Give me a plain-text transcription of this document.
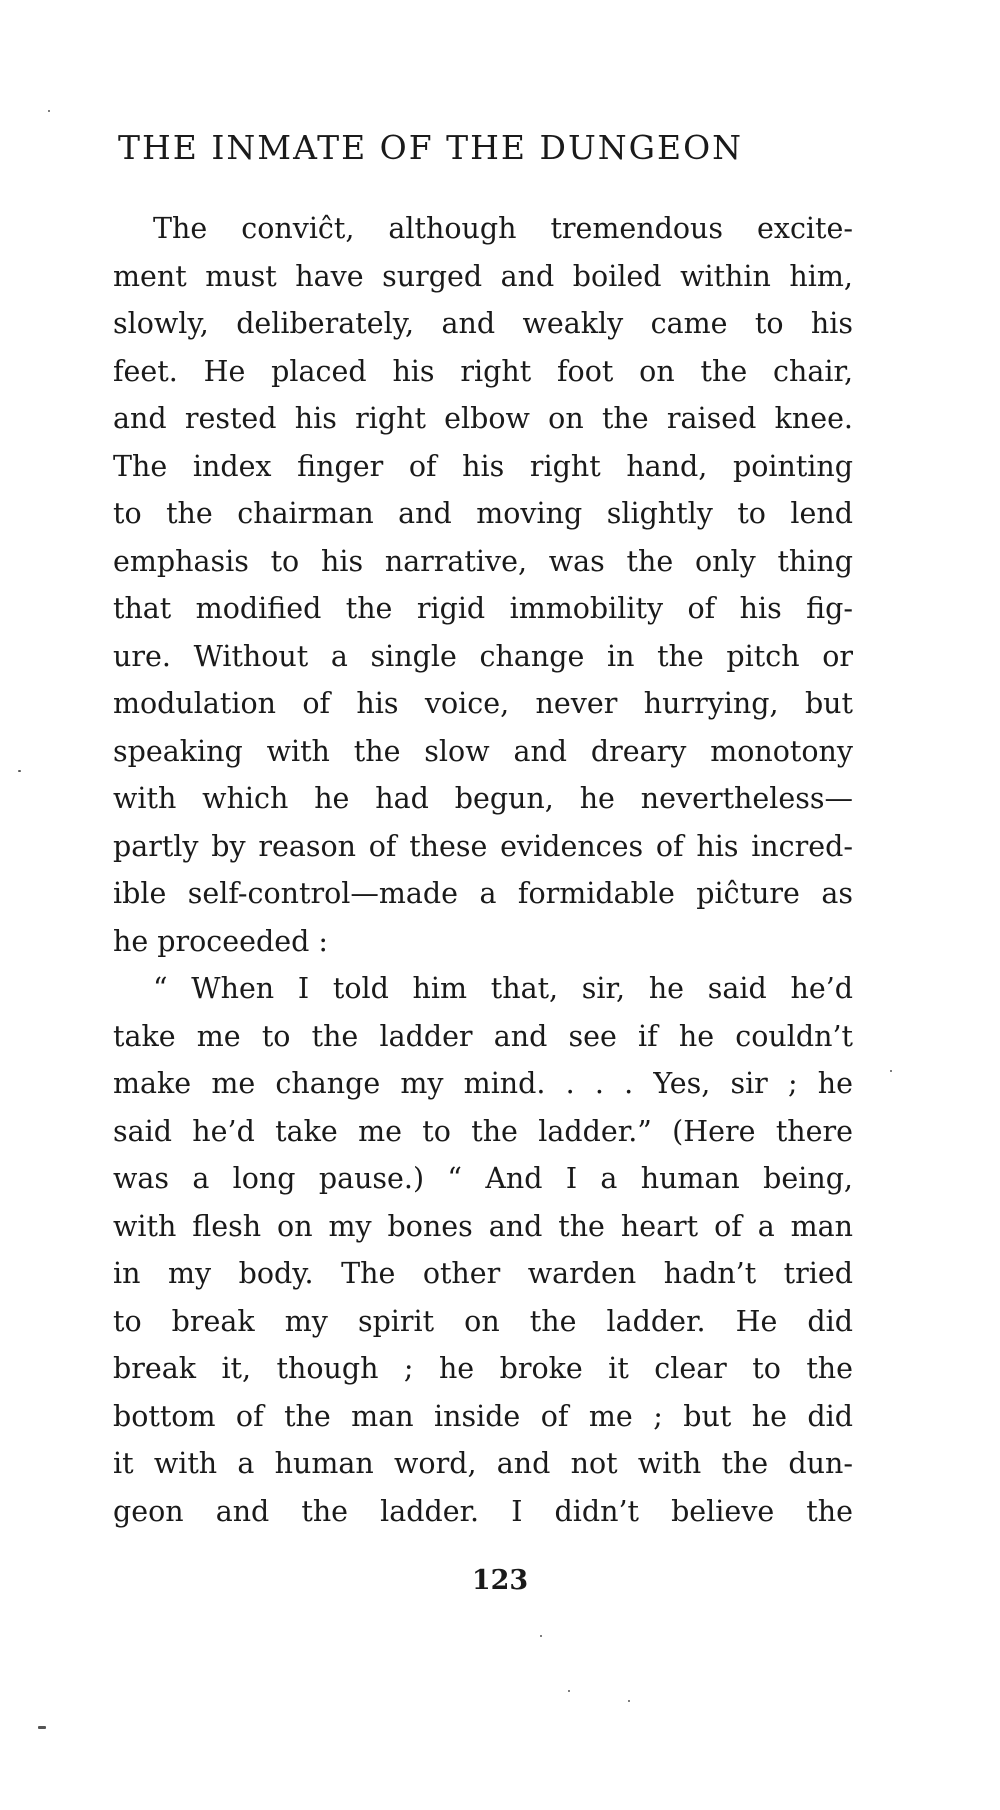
THE INMATE OF THE DUNGEON
The conviĉt, although tremendous excite-
ment must have surged and boiled within him,
slowly, deliberately, and weakly came to his
feet. He placed his right foot on the chair,
and rested his right elbow on the raised knee.
The index finger of his right hand, pointing
to the chairman and moving slightly to lend
emphasis to his narrative, was the only thing
that modified the rigid immobility of his fig-
ure. Without a single change in the pitch or
modulation of his voice, never hurrying, but
speaking with the slow and dreary monotony
with which he had begun, he nevertheless—
partly by reason of these evidences of his incred-
ible self-control—made a formidable piĉture as
he proceeded :
“ When I told him that, sir, he said he’d
take me to the ladder and see if he couldn’t
make me change my mind. . . . Yes, sir ; he
said he’d take me to the ladder.” (Here there
was a long pause.) “ And I a human being,
with flesh on my bones and the heart of a man
in my body. The other warden hadn’t tried
to break my spirit on the ladder. He did
break it, though ; he broke it clear to the
bottom of the man inside of me ; but he did
it with a human word, and not with the dun-
geon and the ladder. I didn’t believe the
123
